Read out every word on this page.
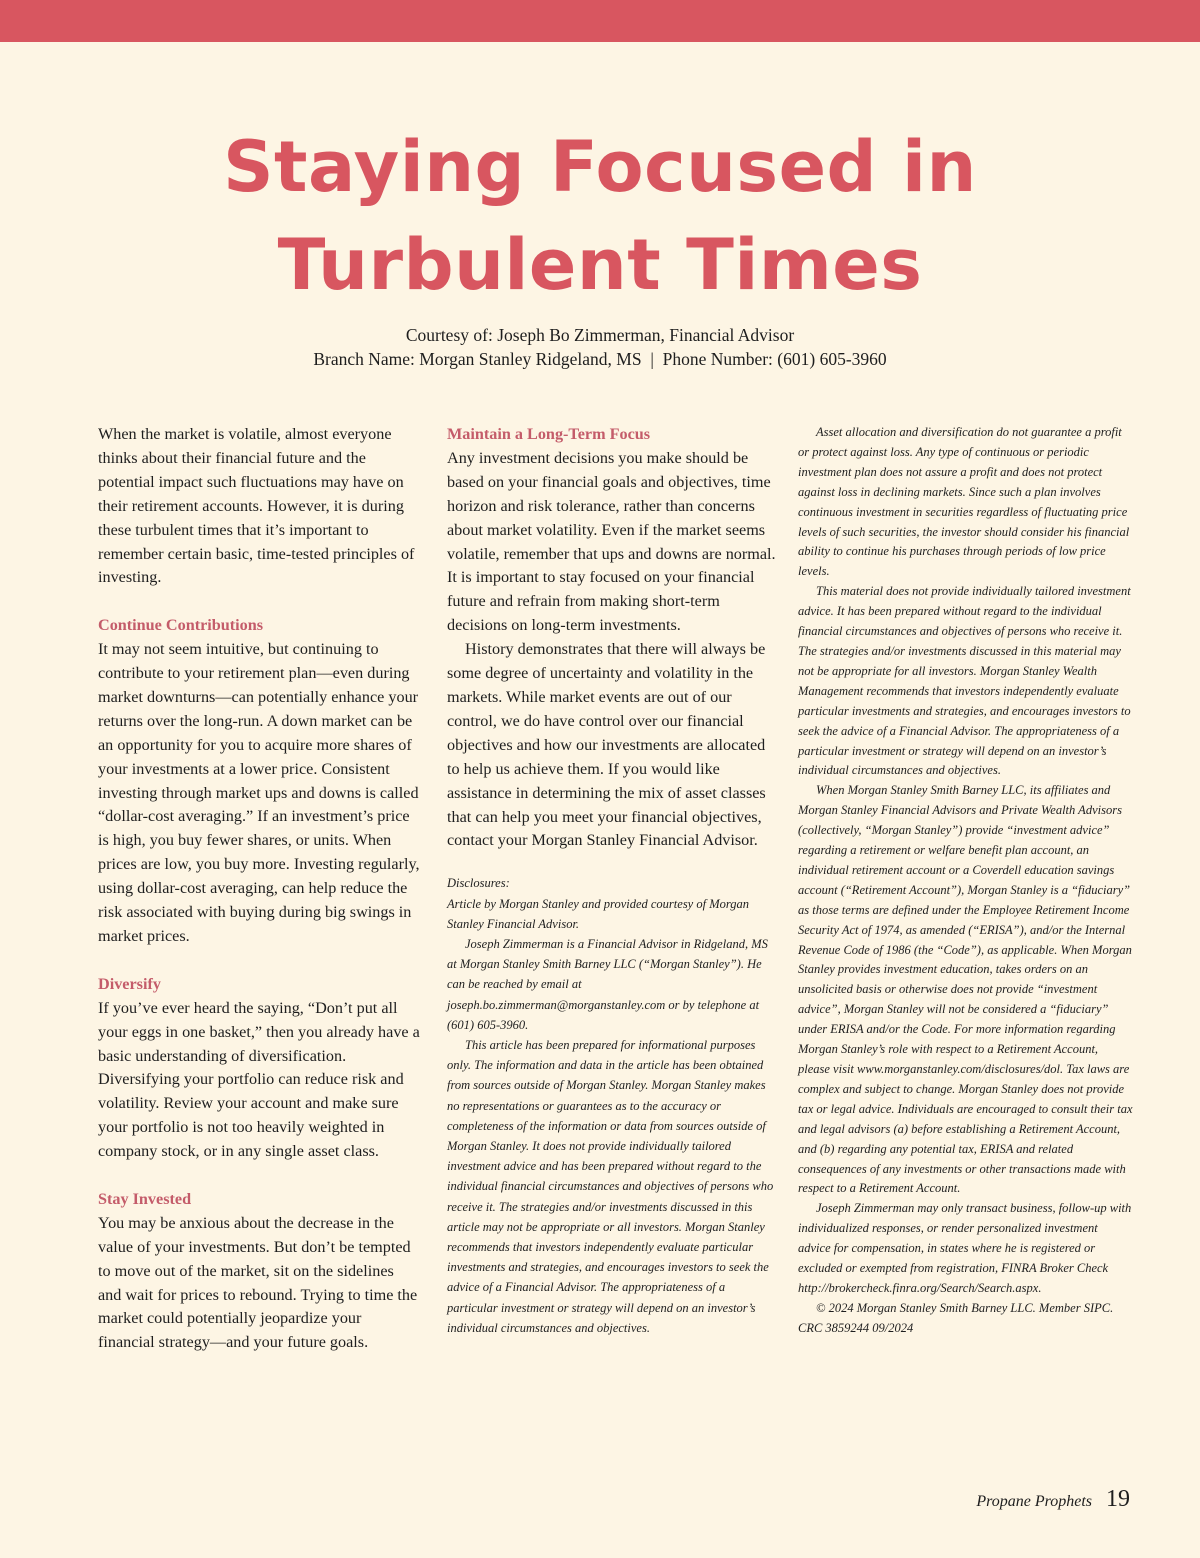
Staying Focused in
Turbulent Times
Courtesy of: Joseph Bo Zimmerman, Financial Advisor
Branch Name: Morgan Stanley Ridgeland, MS  |  Phone Number: (601) 605-3960

When the market is volatile, almost everyone thinks about their financial future and the potential impact such fluctuations may have on their retirement accounts. However, it is during these turbulent times that it’s important to remember certain basic, time-tested principles of investing.

Continue Contributions

It may not seem intuitive, but continuing to contribute to your retirement plan—even during market downturns—can potentially enhance your returns over the long-run. A down market can be an opportunity for you to acquire more shares of your investments at a lower price. Consistent investing through market ups and downs is called “dollar-cost averaging.” If an investment’s price is high, you buy fewer shares, or units. When prices are low, you buy more. Investing regularly, using dollar-cost averaging, can help reduce the risk associated with buying during big swings in market prices.

Diversify

If you’ve ever heard the saying, “Don’t put all your eggs in one basket,” then you already have a basic understanding of diversification. Diversifying your portfolio can reduce risk and volatility. Review your account and make sure your portfolio is not too heavily weighted in company stock, or in any single asset class.

Stay Invested

You may be anxious about the decrease in the value of your investments. But don’t be tempted to move out of the market, sit on the sidelines and wait for prices to rebound. Trying to time the market could potentially jeopardize your financial strategy—and your future goals.

Maintain a Long-Term Focus

Any investment decisions you make should be based on your financial goals and objectives, time horizon and risk tolerance, rather than concerns about market volatility. Even if the market seems volatile, remember that ups and downs are normal. It is important to stay focused on your financial future and refrain from making short-term decisions on long-term investments.

History demonstrates that there will always be some degree of uncertainty and volatility in the markets. While market events are out of our control, we do have control over our financial objectives and how our investments are allocated to help us achieve them. If you would like assistance in determining the mix of asset classes that can help you meet your financial objectives, contact your Morgan Stanley Financial Advisor.

Disclosures:

Article by Morgan Stanley and provided courtesy of Morgan Stanley Financial Advisor.

Joseph Zimmerman is a Financial Advisor in Ridgeland, MS at Morgan Stanley Smith Barney LLC (“Morgan Stanley”). He can be reached by email at joseph.bo.zimmerman@morganstanley.com or by telephone at (601) 605-3960.

This article has been prepared for informational purposes only. The information and data in the article has been obtained from sources outside of Morgan Stanley. Morgan Stanley makes no representations or guarantees as to the accuracy or completeness of the information or data from sources outside of Morgan Stanley. It does not provide individually tailored investment advice and has been prepared without regard to the individual financial circumstances and objectives of persons who receive it. The strategies and/or investments discussed in this article may not be appropriate or all investors. Morgan Stanley recommends that investors independently evaluate particular investments and strategies, and encourages investors to seek the advice of a Financial Advisor. The appropriateness of a particular investment or strategy will depend on an investor’s individual circumstances and objectives.

Asset allocation and diversification do not guarantee a profit or protect against loss. Any type of continuous or periodic investment plan does not assure a profit and does not protect against loss in declining markets. Since such a plan involves continuous investment in securities regardless of fluctuating price levels of such securities, the investor should consider his financial ability to continue his purchases through periods of low price levels.

This material does not provide individually tailored investment advice. It has been prepared without regard to the individual financial circumstances and objectives of persons who receive it. The strategies and/or investments discussed in this material may not be appropriate for all investors. Morgan Stanley Wealth Management recommends that investors independently evaluate particular investments and strategies, and encourages investors to seek the advice of a Financial Advisor. The appropriateness of a particular investment or strategy will depend on an investor’s individual circumstances and objectives.

When Morgan Stanley Smith Barney LLC, its affiliates and Morgan Stanley Financial Advisors and Private Wealth Advisors (collectively, “Morgan Stanley”) provide “investment advice” regarding a retirement or welfare benefit plan account, an individual retirement account or a Coverdell education savings account (“Retirement Account”), Morgan Stanley is a “fiduciary” as those terms are defined under the Employee Retirement Income Security Act of 1974, as amended (“ERISA”), and/or the Internal Revenue Code of 1986 (the “Code”), as applicable. When Morgan Stanley provides investment education, takes orders on an unsolicited basis or otherwise does not provide “investment advice”, Morgan Stanley will not be considered a “fiduciary” under ERISA and/or the Code. For more information regarding Morgan Stanley’s role with respect to a Retirement Account, please visit www.morganstanley.com/disclosures/dol. Tax laws are complex and subject to change. Morgan Stanley does not provide tax or legal advice. Individuals are encouraged to consult their tax and legal advisors (a) before establishing a Retirement Account, and (b) regarding any potential tax, ERISA and related consequences of any investments or other transactions made with respect to a Retirement Account.

Joseph Zimmerman may only transact business, follow-up with individualized responses, or render personalized investment advice for compensation, in states where he is registered or excluded or exempted from registration, FINRA Broker Check http://brokercheck.finra.org/Search/Search.aspx.

© 2024 Morgan Stanley Smith Barney LLC. Member SIPC. CRC 3859244 09/2024

Propane Prophets 19
